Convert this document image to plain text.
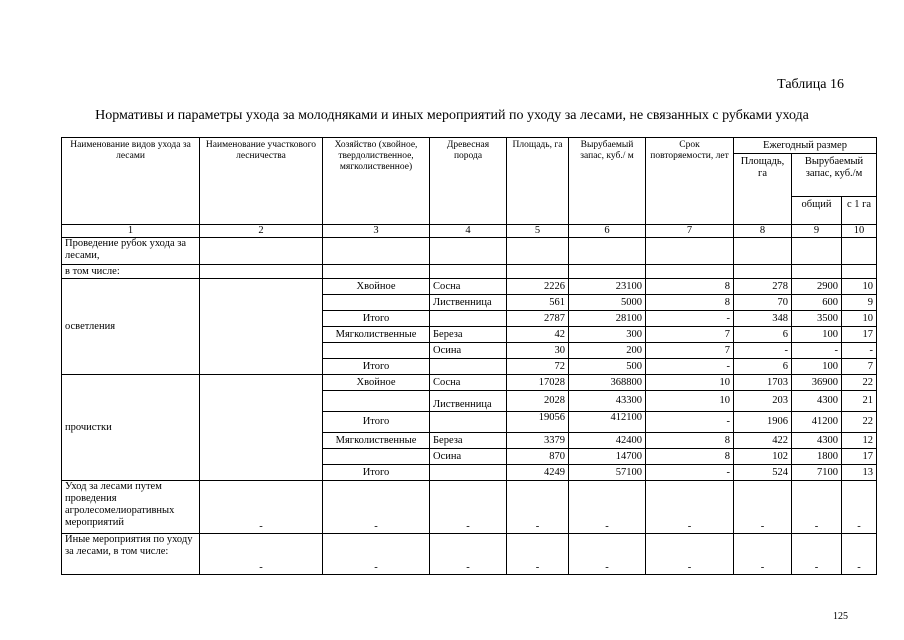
Таблица 16
Нормативы и параметры ухода за молодняками и иных мероприятий по уходу за лесами, не связанных с рубками ухода
Наименование видов ухода за лесами	Наименование участкового лесничества	Хозяйство (хвойное, твердолиственное, мягколиственное)	Древесная порода	Площадь, га	Вырубаемый запас, куб./ м	Срок повторяемости, лет	Ежегодный размер		
							Площадь, га	Вырубаемый запас, куб./м	
								общий	с 1 га
1	2	3	4	5	6	7	8	9	10
Проведение рубок ухода за лесами,									
в том числе:									
осветления		Хвойное	Сосна	2226	23100	8	278	2900	10
			Лиственница	561	5000	8	70	600	9
		Итого		2787	28100	-	348	3500	10
		Мягколиственные	Береза	42	300	7	6	100	17
			Осина	30	200	7	-	-	-
		Итого		72	500	-	6	100	7
прочистки		Хвойное	Сосна	17028	368800	10	1703	36900	22
			Лиственница	2028	43300	10	203	4300	21
		Итого		19056	412100	-	1906	41200	22
		Мягколиственные	Береза	3379	42400	8	422	4300	12
			Осина	870	14700	8	102	1800	17
		Итого		4249	57100	-	524	7100	13
Уход за лесами путем проведения агролесомелиоративных мероприятий	-	-	-	-	-	-	-	-	-
Иные мероприятия по уходу за лесами, в том числе:	-	-	-	-	-	-	-	-	-
125
